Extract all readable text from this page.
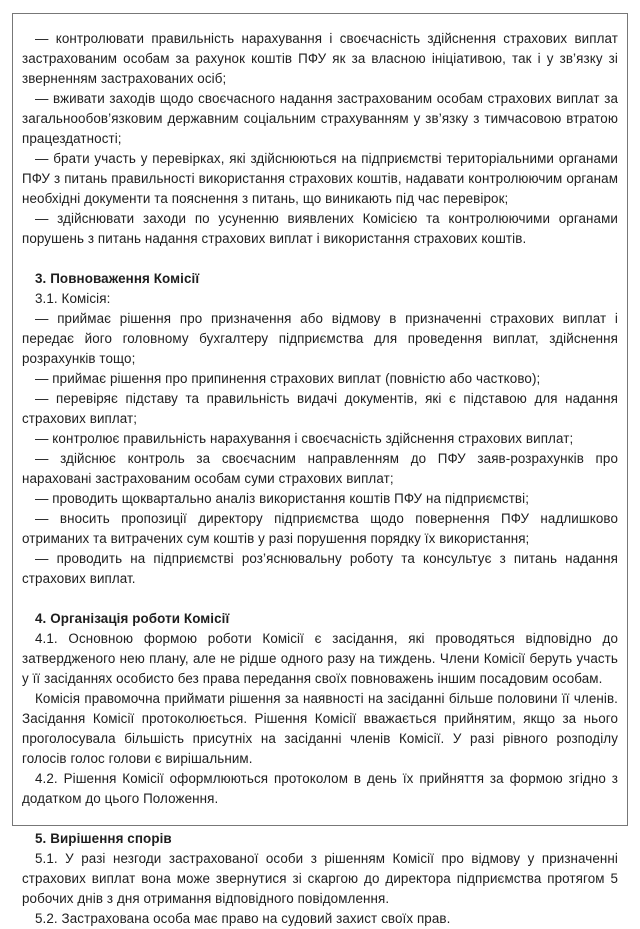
— контролювати правильність нарахування і своєчасність здійснення страхових виплат застрахованим особам за рахунок коштів ПФУ як за власною ініціативою, так і у зв’язку зі зверненням застрахованих осіб;

— вживати заходів щодо своєчасного надання застрахованим особам страхових виплат за загальнообов’язковим державним соціальним страхуванням у зв’язку з тимчасовою втратою працездатності;

— брати участь у перевірках, які здійснюються на підприємстві територіальними органами ПФУ з питань правильності використання страхових коштів, надавати контролюючим органам необхідні документи та пояснення з питань, що виникають під час перевірок;

— здійснювати заходи по усуненню виявлених Комісією та контролюючими органами порушень з питань надання страхових виплат і використання страхових коштів.

3. Повноваження Комісії

3.1. Комісія:

— приймає рішення про призначення або відмову в призначенні страхових виплат і передає його головному бухгалтеру підприємства для проведення виплат, здійснення розрахунків тощо;

— приймає рішення про припинення страхових виплат (повністю або частково);

— перевіряє підставу та правильність видачі документів, які є підставою для надання страхових виплат;

— контролює правильність нарахування і своєчасність здійснення страхових виплат;

— здійснює контроль за своєчасним направленням до ПФУ заяв-розрахунків про нараховані застрахованим особам суми страхових виплат;

— проводить щоквартально аналіз використання коштів ПФУ на підприємстві;

— вносить пропозиції директору підприємства щодо повернення ПФУ надлишково отриманих та витрачених сум коштів у разі порушення порядку їх використання;

— проводить на підприємстві роз’яснювальну роботу та консультує з питань надання страхових виплат.

4. Організація роботи Комісії

4.1. Основною формою роботи Комісії є засідання, які проводяться відповідно до затвердженого нею плану, але не рідше одного разу на тиждень. Члени Комісії беруть участь у її засіданнях особисто без права передання своїх повноважень іншим посадовим особам.

Комісія правомочна приймати рішення за наявності на засіданні більше половини її членів. Засідання Комісії протоколюється. Рішення Комісії вважається прийнятим, якщо за нього проголосувала більшість присутніх на засіданні членів Комісії. У разі рівного розподілу голосів голос голови є вирішальним.

4.2. Рішення Комісії оформлюються протоколом в день їх прийняття за формою згідно з додатком до цього Положення.

5. Вирішення спорів

5.1. У разі незгоди застрахованої особи з рішенням Комісії про відмову у призначенні страхових виплат вона може звернутися зі скаргою до директора підприємства протягом 5 робочих днів з дня отримання відповідного повідомлення.

5.2. Застрахована особа має право на судовий захист своїх прав.
